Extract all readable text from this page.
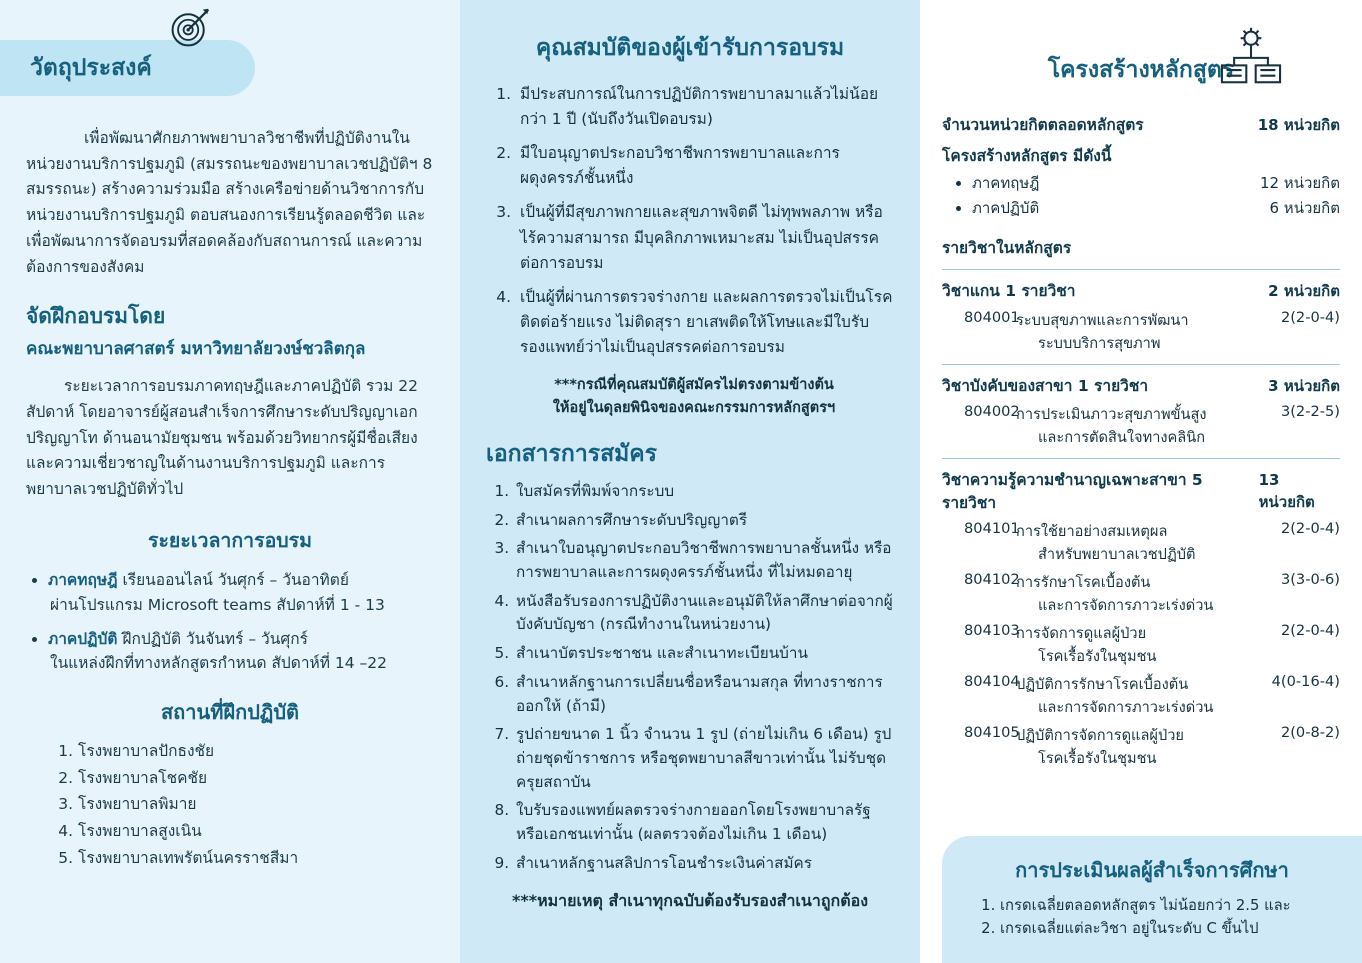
วัตถุประสงค์
เพื่อพัฒนาศักยภาพพยาบาลวิชาชีพที่ปฏิบัติงานในหน่วยงานบริการปฐมภูมิ (สมรรถนะของพยาบาลเวชปฏิบัติฯ 8 สมรรถนะ) สร้างความร่วมมือ สร้างเครือข่ายด้านวิชาการกับหน่วยงานบริการปฐมภูมิ ตอบสนองการเรียนรู้ตลอดชีวิต และเพื่อพัฒนาการจัดอบรมที่สอดคล้องกับสถานการณ์ และความต้องการของสังคม
จัดฝึกอบรมโดย
คณะพยาบาลศาสตร์ มหาวิทยาลัยวงษ์ชวลิตกุล
ระยะเวลาการอบรมภาคทฤษฎีและภาคปฏิบัติ รวม 22 สัปดาห์ โดยอาจารย์ผู้สอนสำเร็จการศึกษาระดับปริญญาเอก ปริญญาโท ด้านอนามัยชุมชน พร้อมด้วยวิทยากรผู้มีชื่อเสียงและความเชี่ยวชาญในด้านงานบริการปฐมภูมิ และการพยาบาลเวชปฏิบัติทั่วไป
ระยะเวลาการอบรม
• ภาคทฤษฎี เรียนออนไลน์ วันศุกร์ – วันอาทิตย์
ผ่านโปรแกรม Microsoft teams สัปดาห์ที่ 1 - 13
• ภาคปฏิบัติ ฝึกปฏิบัติ วันจันทร์ – วันศุกร์
ในแหล่งฝึกที่ทางหลักสูตรกำหนด สัปดาห์ที่ 14 –22
สถานที่ฝึกปฏิบัติ
1. โรงพยาบาลปักธงชัย
2. โรงพยาบาลโชคชัย
3. โรงพยาบาลพิมาย
4. โรงพยาบาลสูงเนิน
5. โรงพยาบาลเทพรัตน์นครราชสีมา
คุณสมบัติของผู้เข้ารับการอบรม
1. มีประสบการณ์ในการปฏิบัติการพยาบาลมาแล้วไม่น้อยกว่า 1 ปี (นับถึงวันเปิดอบรม)
2. มีใบอนุญาตประกอบวิชาชีพการพยาบาลและการผดุงครรภ์ชั้นหนึ่ง
3. เป็นผู้ที่มีสุขภาพกายและสุขภาพจิตดี ไม่ทุพพลภาพ หรือไร้ความสามารถ มีบุคลิกภาพเหมาะสม ไม่เป็นอุปสรรคต่อการอบรม
4. เป็นผู้ที่ผ่านการตรวจร่างกาย และผลการตรวจไม่เป็นโรคติดต่อร้ายแรง ไม่ติดสุรา ยาเสพติดให้โทษและมีใบรับรองแพทย์ว่าไม่เป็นอุปสรรคต่อการอบรม
***กรณีที่คุณสมบัติผู้สมัครไม่ตรงตามข้างต้น
ให้อยู่ในดุลยพินิจของคณะกรรมการหลักสูตรฯ
เอกสารการสมัคร
1. ใบสมัครที่พิมพ์จากระบบ
2. สำเนาผลการศึกษาระดับปริญญาตรี
3. สำเนาใบอนุญาตประกอบวิชาชีพการพยาบาลชั้นหนึ่ง หรือการพยาบาลและการผดุงครรภ์ชั้นหนึ่ง ที่ไม่หมดอายุ
4. หนังสือรับรองการปฏิบัติงานและอนุมัติให้ลาศึกษาต่อจากผู้บังคับบัญชา (กรณีทำงานในหน่วยงาน)
5. สำเนาบัตรประชาชน และสำเนาทะเบียนบ้าน
6. สำเนาหลักฐานการเปลี่ยนชื่อหรือนามสกุล ที่ทางราชการออกให้ (ถ้ามี)
7. รูปถ่ายขนาด 1 นิ้ว จำนวน 1 รูป (ถ่ายไม่เกิน 6 เดือน) รูปถ่ายชุดข้าราชการ หรือชุดพยาบาลสีขาวเท่านั้น ไม่รับชุดครุยสถาบัน
8. ใบรับรองแพทย์ผลตรวจร่างกายออกโดยโรงพยาบาลรัฐ หรือเอกชนเท่านั้น (ผลตรวจต้องไม่เกิน 1 เดือน)
9. สำเนาหลักฐานสลิปการโอนชำระเงินค่าสมัคร
***หมายเหตุ สำเนาทุกฉบับต้องรับรองสำเนาถูกต้อง
โครงสร้างหลักสูตร
จำนวนหน่วยกิตตลอดหลักสูตร	18 หน่วยกิต
โครงสร้างหลักสูตร มีดังนี้
• ภาคทฤษฎี	12 หน่วยกิต
• ภาคปฏิบัติ	6 หน่วยกิต
รายวิชาในหลักสูตร
วิชาแกน 1 รายวิชา	2 หน่วยกิต
804001
ระบบสุขภาพและการพัฒนา	2(2-0-4)
ระบบบริการสุขภาพ
วิชาบังคับของสาขา 1 รายวิชา	3 หน่วยกิต
804002
การประเมินภาวะสุขภาพขั้นสูง	3(2-2-5)
และการตัดสินใจทางคลินิก
วิชาความรู้ความชำนาญเฉพาะสาขา 5 รายวิชา
13 หน่วยกิต
804101
การใช้ยาอย่างสมเหตุผล	2(2-0-4)
สำหรับพยาบาลเวชปฏิบัติ
804102
การรักษาโรคเบื้องต้น	3(3-0-6)
และการจัดการภาวะเร่งด่วน
804103
การจัดการดูแลผู้ป่วย	2(2-0-4)
โรคเรื้อรังในชุมชน
804104
ปฏิบัติการรักษาโรคเบื้องต้น	4(0-16-4)
และการจัดการภาวะเร่งด่วน
804105
ปฏิบัติการจัดการดูแลผู้ป่วย	2(0-8-2)
โรคเรื้อรังในชุมชน
การประเมินผลผู้สำเร็จการศึกษา
1. เกรดเฉลี่ยตลอดหลักสูตร ไม่น้อยกว่า 2.5 และ
2. เกรดเฉลี่ยแต่ละวิชา อยู่ในระดับ C ขึ้นไป
